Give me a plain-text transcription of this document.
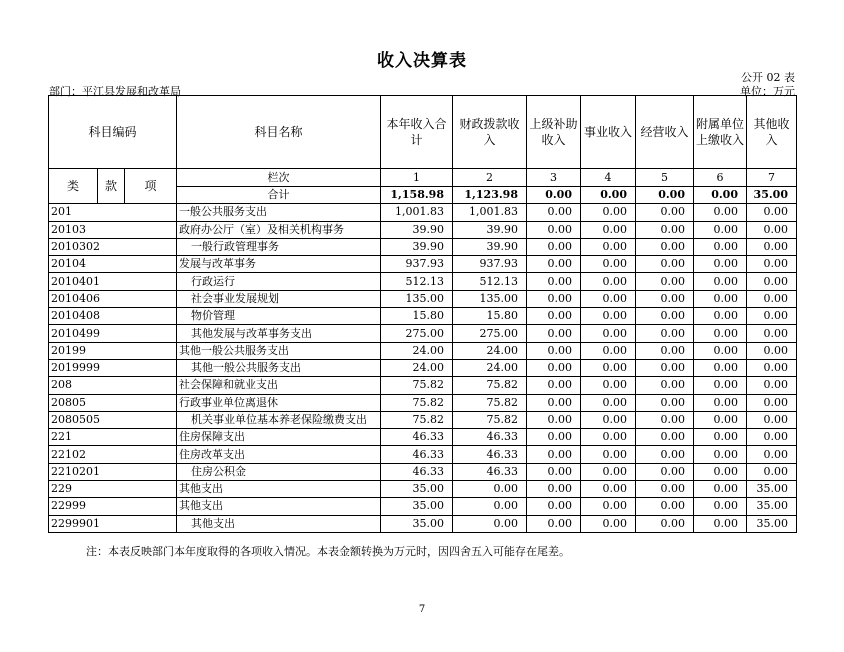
收入决算表
公开 02 表
部门：平江县发展和改革局	单位：万元
科目编码			科目名称	本年收入合计	财政拨款收入	上级补助收入	事业收入	经营收入	附属单位上缴收入	其他收入
类	款	项	栏次	1	2	3	4	5	6	7
			合计	1,158.98	1,123.98	0.00	0.00	0.00	0.00	35.00
201			一般公共服务支出	1,001.83	1,001.83	0.00	0.00	0.00	0.00	0.00
20103			政府办公厅（室）及相关机构事务	39.90	39.90	0.00	0.00	0.00	0.00	0.00
2010302			一般行政管理事务	39.90	39.90	0.00	0.00	0.00	0.00	0.00
20104			发展与改革事务	937.93	937.93	0.00	0.00	0.00	0.00	0.00
2010401			行政运行	512.13	512.13	0.00	0.00	0.00	0.00	0.00
2010406			社会事业发展规划	135.00	135.00	0.00	0.00	0.00	0.00	0.00
2010408			物价管理	15.80	15.80	0.00	0.00	0.00	0.00	0.00
2010499			其他发展与改革事务支出	275.00	275.00	0.00	0.00	0.00	0.00	0.00
20199			其他一般公共服务支出	24.00	24.00	0.00	0.00	0.00	0.00	0.00
2019999			其他一般公共服务支出	24.00	24.00	0.00	0.00	0.00	0.00	0.00
208			社会保障和就业支出	75.82	75.82	0.00	0.00	0.00	0.00	0.00
20805			行政事业单位离退休	75.82	75.82	0.00	0.00	0.00	0.00	0.00
2080505			机关事业单位基本养老保险缴费支出	75.82	75.82	0.00	0.00	0.00	0.00	0.00
221			住房保障支出	46.33	46.33	0.00	0.00	0.00	0.00	0.00
22102			住房改革支出	46.33	46.33	0.00	0.00	0.00	0.00	0.00
2210201			住房公积金	46.33	46.33	0.00	0.00	0.00	0.00	0.00
229			其他支出	35.00	0.00	0.00	0.00	0.00	0.00	35.00
22999			其他支出	35.00	0.00	0.00	0.00	0.00	0.00	35.00
2299901			其他支出	35.00	0.00	0.00	0.00	0.00	0.00	35.00
注：本表反映部门本年度取得的各项收入情况。本表金额转换为万元时，因四舍五入可能存在尾差。
7
